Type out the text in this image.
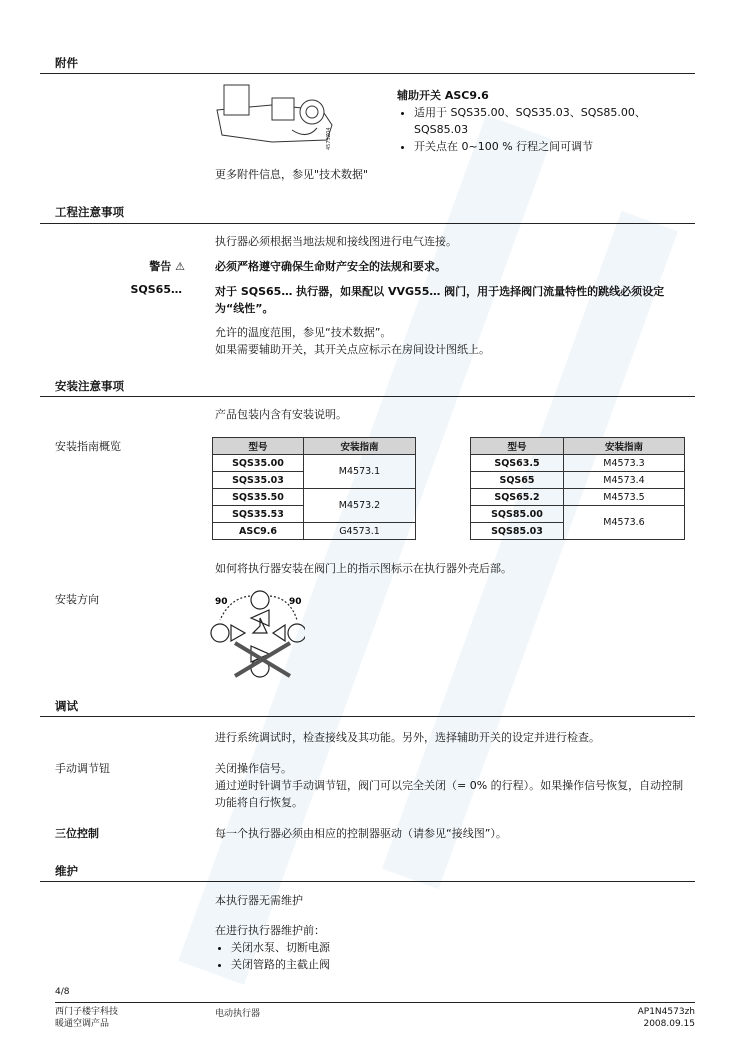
附件
4573Z04
辅助开关 ASC9.6
• 适用于 SQS35.00、SQS35.03、SQS85.00、SQS85.03
• 开关点在 0~100 % 行程之间可调节
更多附件信息，参见"技术数据"
工程注意事项
执行器必须根据当地法规和接线图进行电气连接。
警告 ⚠	必须严格遵守确保生命财产安全的法规和要求。
SQS65…	对于 SQS65… 执行器，如果配以 VVG55… 阀门，用于选择阀门流量特性的跳线必须设定为“线性”。
允许的温度范围，参见“技术数据”。
如果需要辅助开关，其开关点应标示在房间设计图纸上。
安装注意事项
产品包装内含有安装说明。
安装指南概览	型号	安装指南
SQS35.00	M4573.1
SQS35.03	
SQS35.50	M4573.2
SQS35.53	
ASC9.6	G4573.1
型号	安装指南
SQS63.5	M4573.3
SQS65	M4573.4
SQS65.2	M4573.5
SQS85.00	M4573.6
SQS85.03	
如何将执行器安装在阀门上的指示图标示在执行器外壳后部。
安装方向	90	90
调试
进行系统调试时，检查接线及其功能。另外，选择辅助开关的设定并进行检查。
手动调节钮	关闭操作信号。
通过逆时针调节手动调节钮，阀门可以完全关闭（= 0% 的行程）。如果操作信号恢复，自动控制功能将自行恢复。
三位控制	每一个执行器必须由相应的控制器驱动（请参见“接线图”）。
维护
本执行器无需维护
在进行执行器维护前：
• 关闭水泵、切断电源
• 关闭管路的主截止阀
4/8
西门子楼宇科技
暖通空调产品
电动执行器	AP1N4573zh
2008.09.15
